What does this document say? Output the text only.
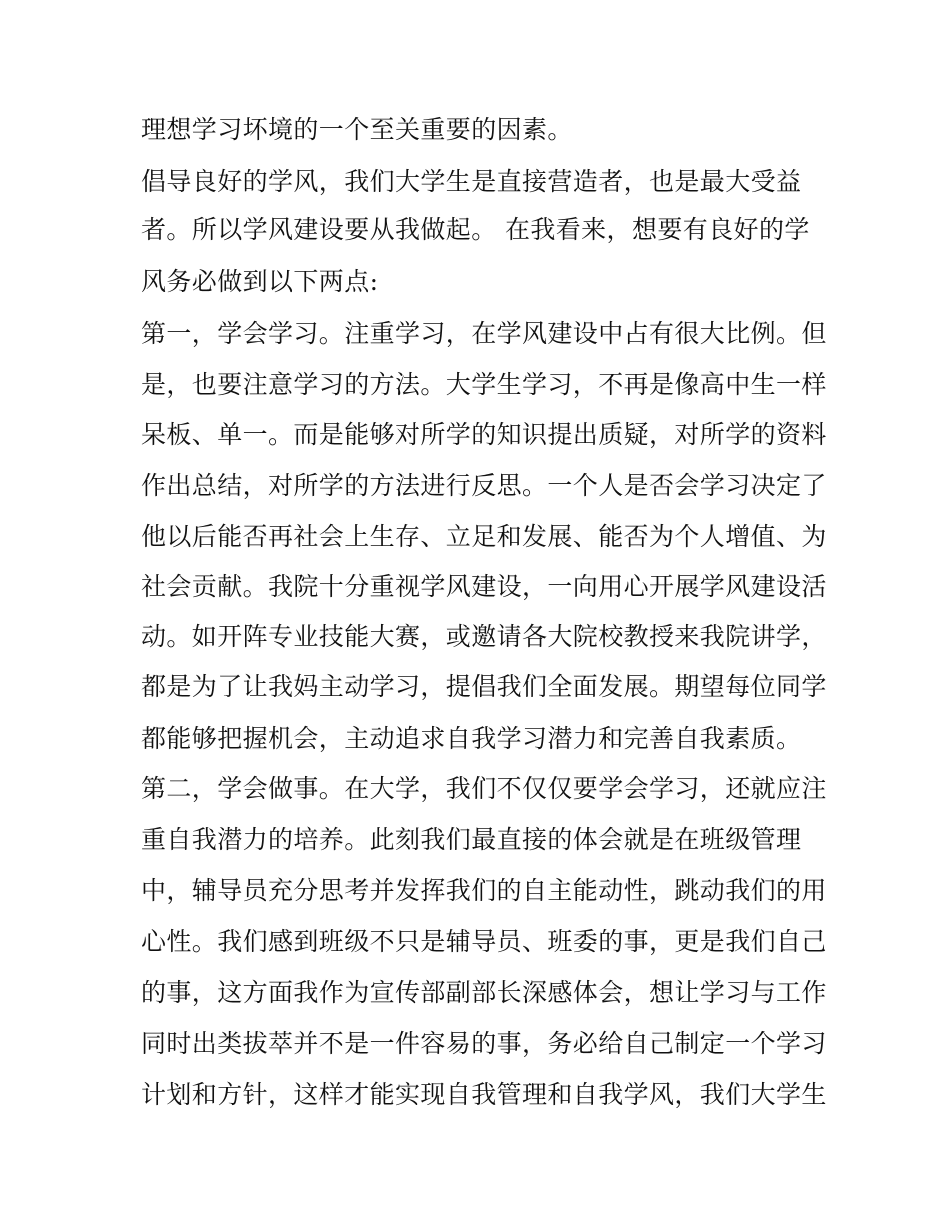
理想学习坏境的一个至关重要的因素。
倡导良好的学风，我们大学生是直接营造者，也是最大受益
者。所以学风建设要从我做起。 在我看来，想要有良好的学
风务必做到以下两点:
第一，学会学习。注重学习，在学风建设中占有很大比例。但
是，也要注意学习的方法。大学生学习，不再是像高中生一样
呆板、单一。而是能够对所学的知识提出质疑，对所学的资料
作出总结，对所学的方法进行反思。一个人是否会学习决定了
他以后能否再社会上生存、立足和发展、能否为个人增值、为
社会贡献。我院十分重视学风建设，一向用心开展学风建设活
动。如开阵专业技能大赛，或邀请各大院校教授来我院讲学，
都是为了让我妈主动学习，提倡我们全面发展。期望每位同学
都能够把握机会，主动追求自我学习潜力和完善自我素质。
第二，学会做事。在大学，我们不仅仅要学会学习，还就应注
重自我潜力的培养。此刻我们最直接的体会就是在班级管理
中，辅导员充分思考并发挥我们的自主能动性，跳动我们的用
心性。我们感到班级不只是辅导员、班委的事，更是我们自己
的事，这方面我作为宣传部副部长深感体会，想让学习与工作
同时出类拔萃并不是一件容易的事，务必给自己制定一个学习
计划和方针，这样才能实现自我管理和自我学风，我们大学生
